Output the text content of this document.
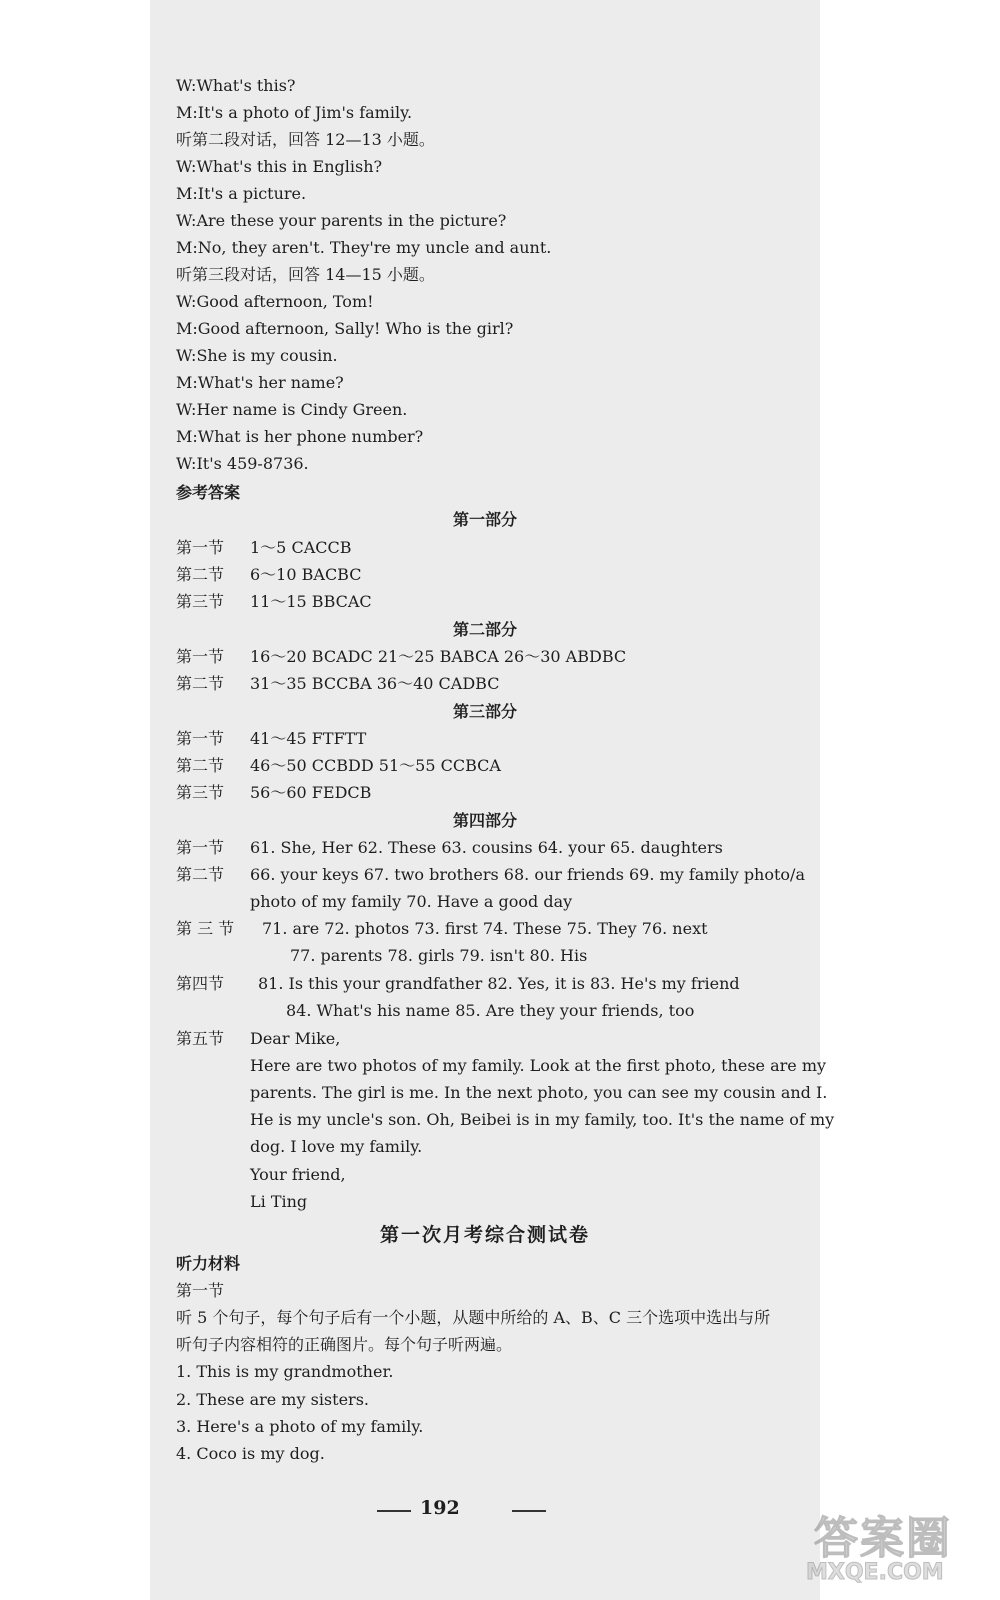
W:What's this?
M:It's a photo of Jim's family.
听第二段对话，回答 12—13 小题。
W:What's this in English?
M:It's a picture.
W:Are these your parents in the picture?
M:No, they aren't. They're my uncle and aunt.
听第三段对话，回答 14—15 小题。
W:Good afternoon, Tom!
M:Good afternoon, Sally! Who is the girl?
W:She is my cousin.
M:What's her name?
W:Her name is Cindy Green.
M:What is her phone number?
W:It's 459-8736.
参考答案
第一部分
第一节 1～5 CACCB
第二节 6～10 BACBC
第三节 11～15 BBCAC
第二部分
第一节 16～20 BCADC 21～25 BABCA 26～30 ABDBC
第二节 31～35 BCCBA 36～40 CADBC
第三部分
第一节 41～45 FTFTT
第二节 46～50 CCBDD 51～55 CCBCA
第三节 56～60 FEDCB
第四部分
第一节 61. She, Her 62. These 63. cousins 64. your 65. daughters
第二节 66. your keys 67. two brothers 68. our friends 69. my family photo/a
photo of my family 70. Have a good day
第 三 节 71. are 72. photos 73. first 74. These 75. They 76. next
77. parents 78. girls 79. isn't 80. His
第四节 81. Is this your grandfather 82. Yes, it is 83. He's my friend
84. What's his name 85. Are they your friends, too
第五节 Dear Mike,
Here are two photos of my family. Look at the first photo, these are my
parents. The girl is me. In the next photo, you can see my cousin and I.
He is my uncle's son. Oh, Beibei is in my family, too. It's the name of my
dog. I love my family.
Your friend,
Li Ting
第一次月考综合测试卷
听力材料
第一节
听 5 个句子，每个句子后有一个小题，从题中所给的 A、B、C 三个选项中选出与所
听句子内容相符的正确图片。每个句子听两遍。
1. This is my grandmother.
2. These are my sisters.
3. Here's a photo of my family.
4. Coco is my dog.
192
答案圈
MXQE.COM
